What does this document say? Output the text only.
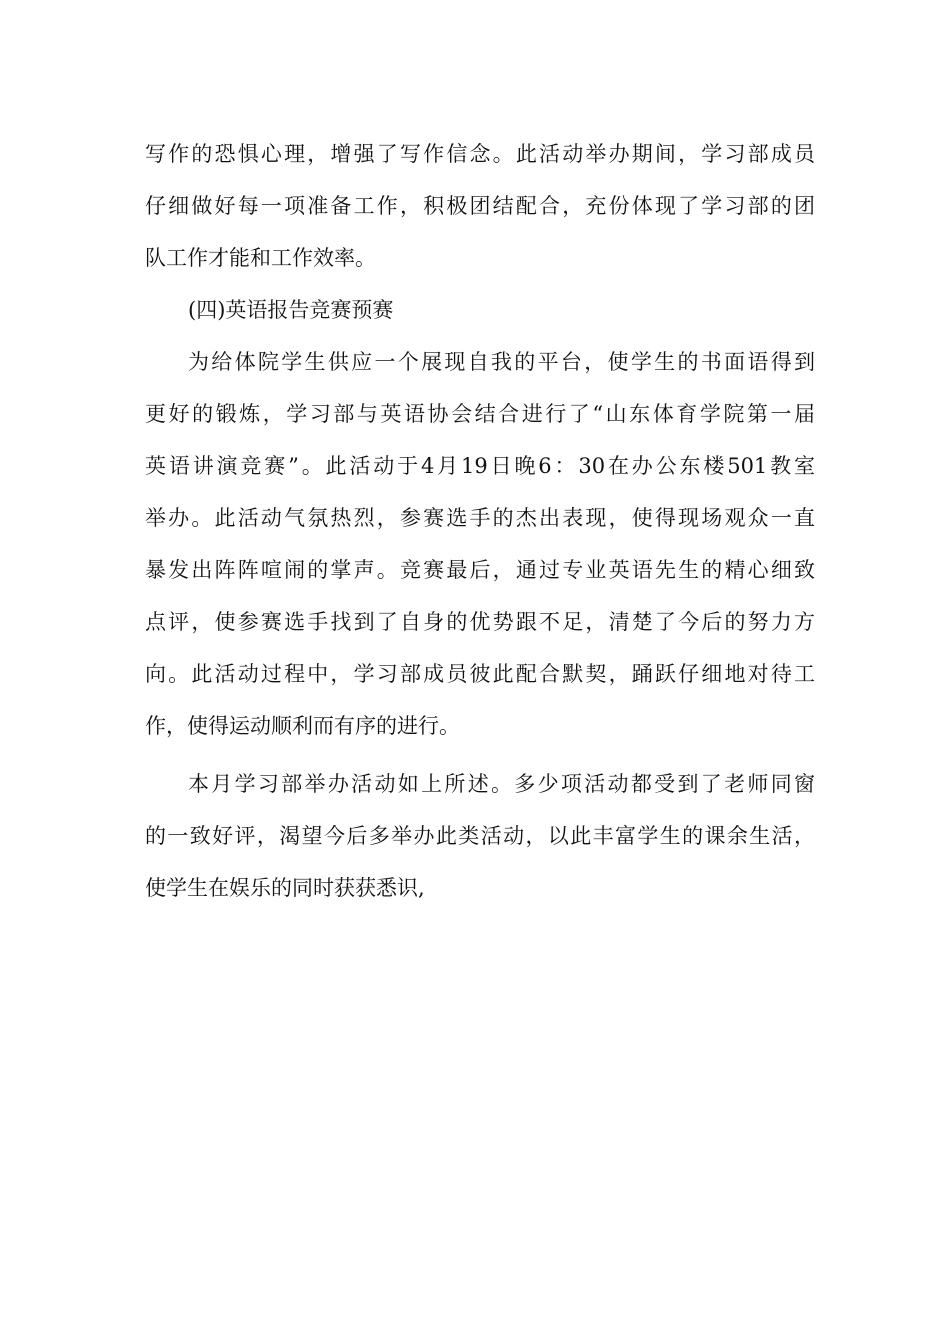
写作的恐惧心理，增强了写作信念。此活动举办期间，学习部成员
仔细做好每一项准备工作，积极团结配合，充份体现了学习部的团
队工作才能和工作效率。
(四)英语报告竞赛预赛
为给体院学生供应一个展现自我的平台，使学生的书面语得到
更好的锻炼，学习部与英语协会结合进行了“山东体育学院第一届
英语讲演竞赛”。此活动于4月19日晚6：30在办公东楼501教室
举办。此活动气氛热烈，参赛选手的杰出表现，使得现场观众一直
暴发出阵阵喧闹的掌声。竞赛最后，通过专业英语先生的精心细致
点评，使参赛选手找到了自身的优势跟不足，清楚了今后的努力方
向。此活动过程中，学习部成员彼此配合默契，踊跃仔细地对待工
作，使得运动顺利而有序的进行。
本月学习部举办活动如上所述。多少项活动都受到了老师同窗
的一致好评，渴望今后多举办此类活动，以此丰富学生的课余生活，
使学生在娱乐的同时获获悉识,
